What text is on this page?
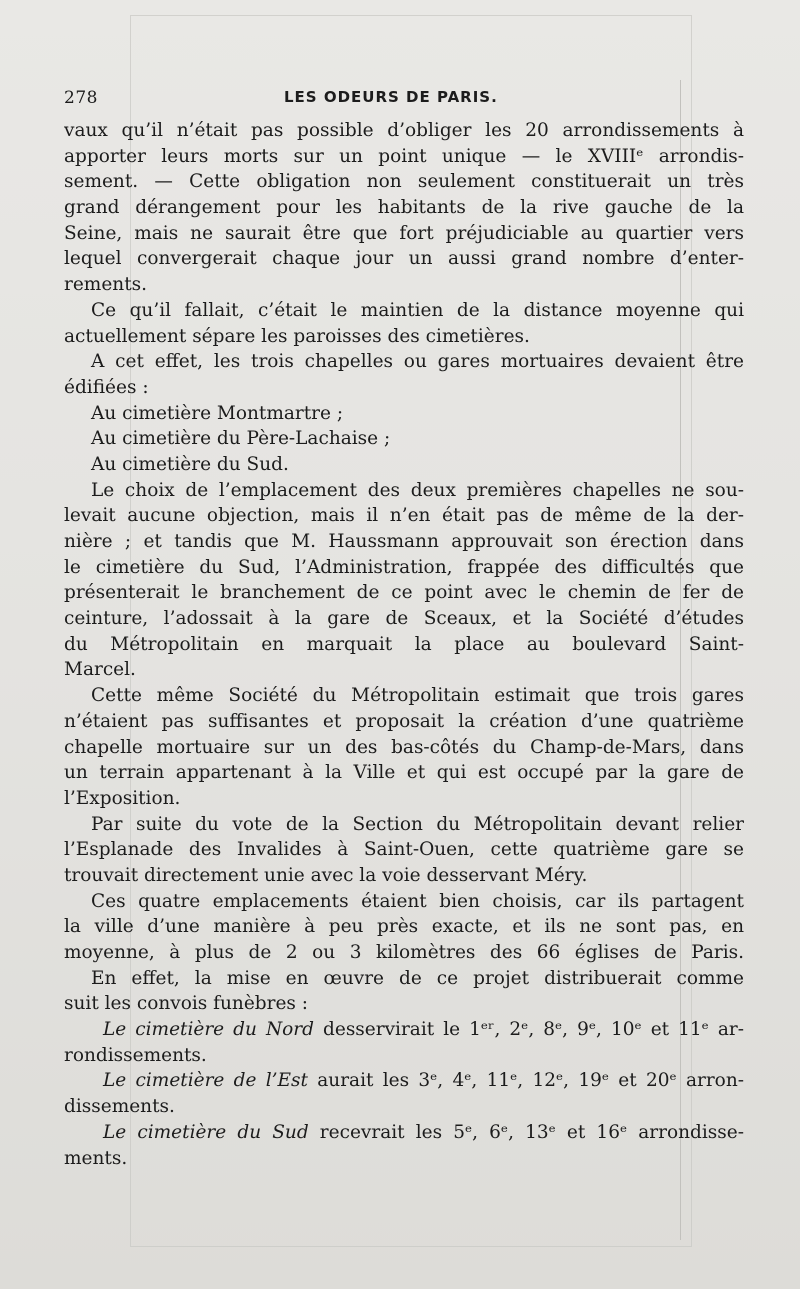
278	LES ODEURS DE PARIS.
vaux qu’il n’était pas possible d’obliger les 20 arrondissements à
apporter leurs morts sur un point unique — le XVIIIᵉ arrondis-
sement. — Cette obligation non seulement constituerait un très
grand dérangement pour les habitants de la rive gauche de la
Seine, mais ne saurait être que fort préjudiciable au quartier vers
lequel convergerait chaque jour un aussi grand nombre d’enter-
rements.
Ce qu’il fallait, c’était le maintien de la distance moyenne qui
actuellement sépare les paroisses des cimetières.
A cet effet, les trois chapelles ou gares mortuaires devaient être
édifiées :
Au cimetière Montmartre ;
Au cimetière du Père-Lachaise ;
Au cimetière du Sud.
Le choix de l’emplacement des deux premières chapelles ne sou-
levait aucune objection, mais il n’en était pas de même de la der-
nière ; et tandis que M. Haussmann approuvait son érection dans
le cimetière du Sud, l’Administration, frappée des difficultés que
présenterait le branchement de ce point avec le chemin de fer de
ceinture, l’adossait à la gare de Sceaux, et la Société d’études
du Métropolitain en marquait la place au boulevard Saint-
Marcel.
Cette même Société du Métropolitain estimait que trois gares
n’étaient pas suffisantes et proposait la création d’une quatrième
chapelle mortuaire sur un des bas-côtés du Champ-de-Mars, dans
un terrain appartenant à la Ville et qui est occupé par la gare de
l’Exposition.
Par suite du vote de la Section du Métropolitain devant relier
l’Esplanade des Invalides à Saint-Ouen, cette quatrième gare se
trouvait directement unie avec la voie desservant Méry.
Ces quatre emplacements étaient bien choisis, car ils partagent
la ville d’une manière à peu près exacte, et ils ne sont pas, en
moyenne, à plus de 2 ou 3 kilomètres des 66 églises de Paris.
En effet, la mise en œuvre de ce projet distribuerait comme
suit les convois funèbres :
Le cimetière du Nord desservirait le 1ᵉʳ, 2ᵉ, 8ᵉ, 9ᵉ, 10ᵉ et 11ᵉ ar-
rondissements.
Le cimetière de l’Est aurait les 3ᵉ, 4ᵉ, 11ᵉ, 12ᵉ, 19ᵉ et 20ᵉ arron-
dissements.
Le cimetière du Sud recevrait les 5ᵉ, 6ᵉ, 13ᵉ et 16ᵉ arrondisse-
ments.
